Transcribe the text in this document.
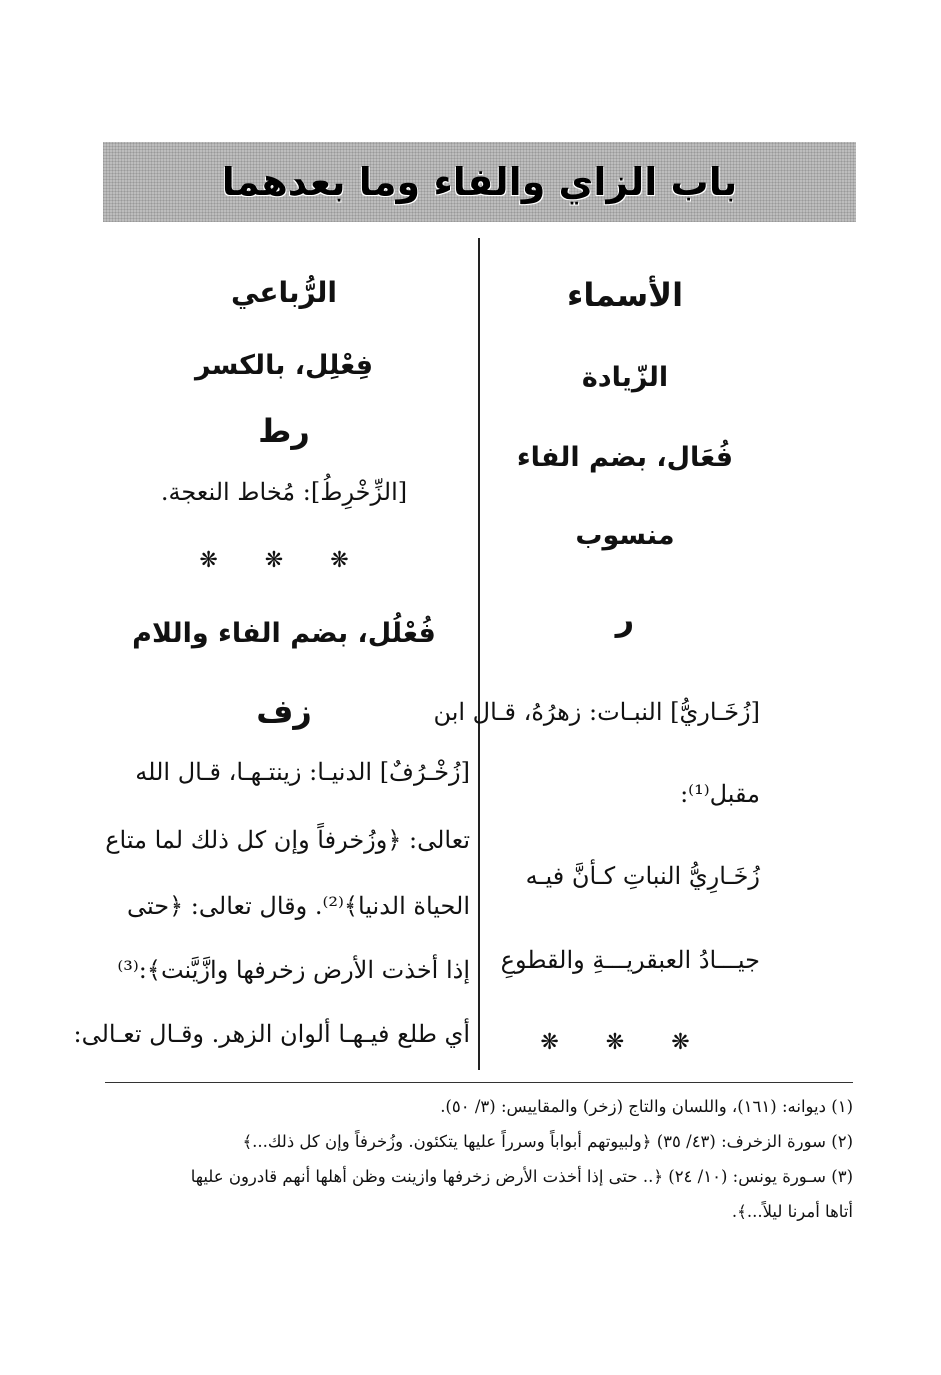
باب الزاي والفاء وما بعدهما
الأسماء
الزّيادة
فُعَال، بضم الفاء
منسوب
ر
[زُخَـاريُّ] النبـات: زهرُهُ، قـال ابن
مقبل⁽¹⁾:
زُخَـارِيُّ النباتِ كـأنَّ فيـه
جيـــادُ العبقريـــةِ والقطوعِ
❋ ❋ ❋
الرُّباعي
فِعْلِل، بالكسر
رط
[الزِّخْرِطُ]: مُخاط النعجة.
❋ ❋ ❋
فُعْلُل، بضم الفاء واللام
زف
[زُخْـرُفٌ] الدنيـا: زينتـهـا، قـال الله
تعالى: ﴿وزُخرفاً وإن كل ذلك لما متاع
الحياة الدنيا﴾⁽²⁾. وقال تعالى: ﴿حتى
إذا أخذت الأرض زخرفها وازَّيَّنت﴾:⁽³⁾
أي طلع فيـهـا ألوان الزهر. وقـال تعـالى:
(١) ديوانه: (١٦١)، واللسان والتاج (زخر) والمقاييس: (٣/ ٥٠).
(٢) سورة الزخرف: (٤٣/ ٣٥) ﴿ولبيوتهم أبواباً وسرراً عليها يتكئون. وزُخرفاً وإن كل ذلك...﴾
(٣) سـورة يونس: (١٠/ ٢٤) ﴿.. حتى إذا أخذت الأرض زخرفها وازينت وظن أهلها أنهم قادرون عليها
أتاها أمرنا ليلاً...﴾.
